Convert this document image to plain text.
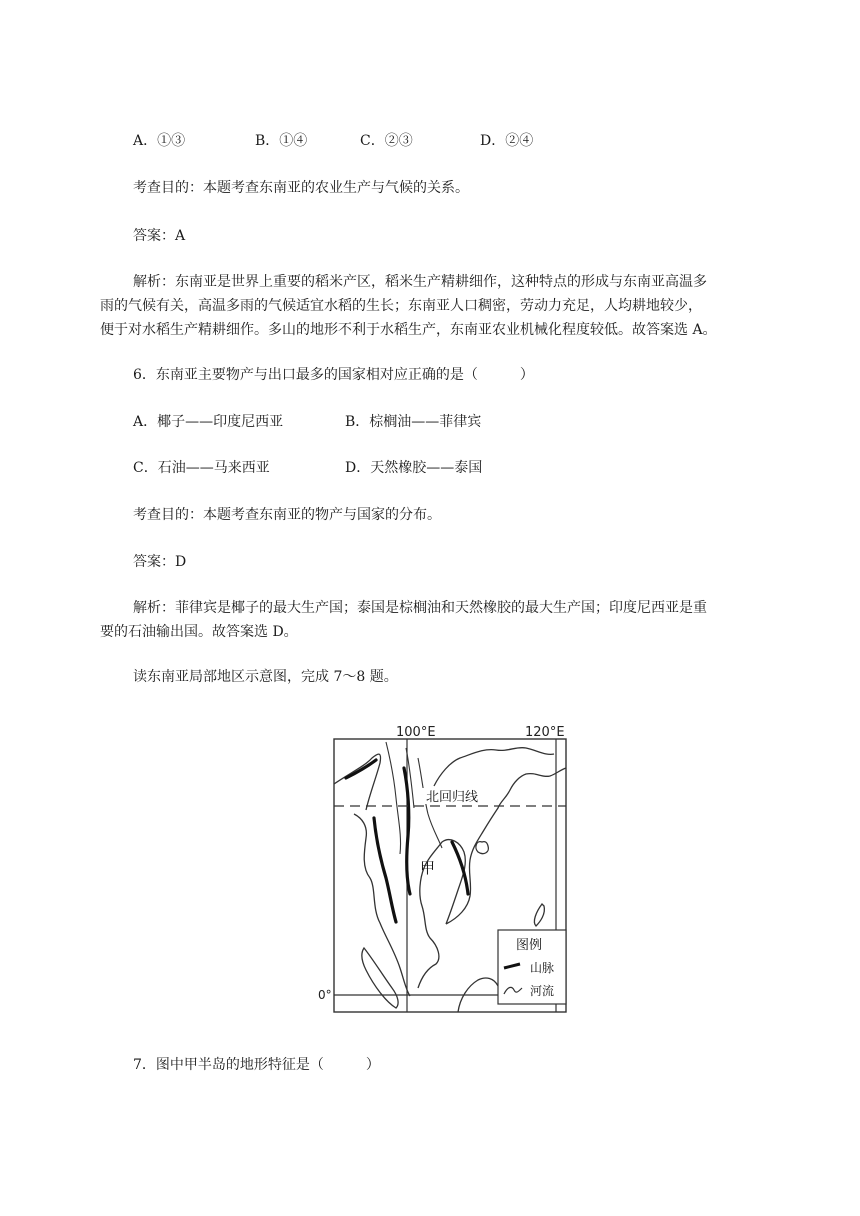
A．①③	B．①④	C．②③	D．②④
考查目的：本题考查东南亚的农业生产与气候的关系。
答案：A
解析：东南亚是世界上重要的稻米产区，稻米生产精耕细作，这种特点的形成与东南亚高温多
雨的气候有关，高温多雨的气候适宜水稻的生长；东南亚人口稠密，劳动力充足，人均耕地较少，
便于对水稻生产精耕细作。多山的地形不利于水稻生产，东南亚农业机械化程度较低。故答案选 A。
6．东南亚主要物产与出口最多的国家相对应正确的是（　　　）
A．椰子——印度尼西亚	B．棕榈油——菲律宾
C．石油——马来西亚	D．天然橡胶——泰国
考查目的：本题考查东南亚的物产与国家的分布。
答案：D
解析：菲律宾是椰子的最大生产国；泰国是棕榈油和天然橡胶的最大生产国；印度尼西亚是重
要的石油输出国。故答案选 D。
读东南亚局部地区示意图，完成 7～8 题。
100°E	120°E
北回归线
甲
0°
图例
山脉
河流
7．图中甲半岛的地形特征是（　　　）
